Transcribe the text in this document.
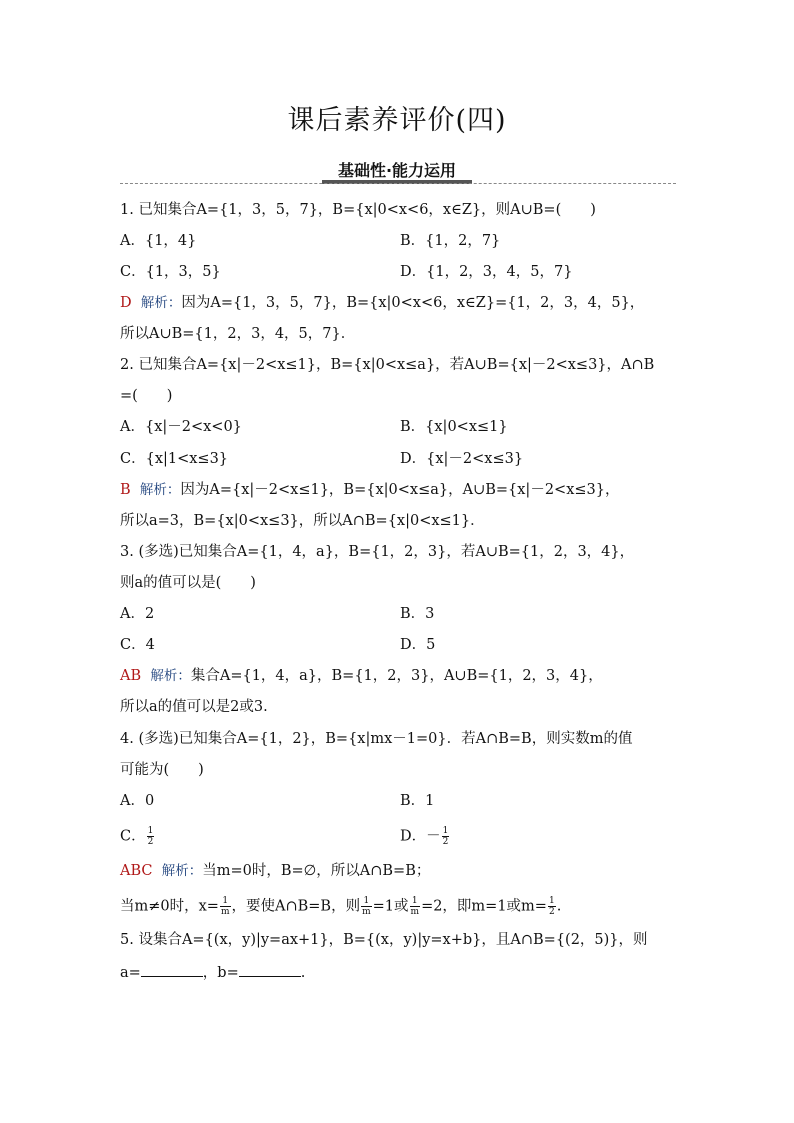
课后素养评价(四)
基础性·能力运用
1. 已知集合A={1，3，5，7}，B={x|0<x<6，x∈Z}，则A∪B=(　　)
A．{1，4}	B．{1，2，7}
C．{1，3，5}	D．{1，2，3，4，5，7}
D 解析：因为A={1，3，5，7}，B={x|0<x<6，x∈Z}={1，2，3，4，5}，
所以A∪B={1，2，3，4，5，7}．
2. 已知集合A={x|－2<x≤1}，B={x|0<x≤a}，若A∪B={x|－2<x≤3}，A∩B
=(　　)
A．{x|－2<x<0}	B．{x|0<x≤1}
C．{x|1<x≤3}	D．{x|－2<x≤3}
B 解析：因为A={x|－2<x≤1}，B={x|0<x≤a}，A∪B={x|－2<x≤3}，
所以a=3，B={x|0<x≤3}，所以A∩B={x|0<x≤1}．
3. (多选)已知集合A={1，4，a}，B={1，2，3}，若A∪B={1，2，3，4}，
则a的值可以是(　　)
A．2	B．3
C．4	D．5
AB 解析：集合A={1，4，a}，B={1，2，3}，A∪B={1，2，3，4}，
所以a的值可以是2或3.
4. (多选)已知集合A={1，2}，B={x|mx－1=0}．若A∩B=B，则实数m的值
可能为(　　)
A．0	B．1
C． $\frac{1}{2}$	D．－ $\frac{1}{2}$
ABC 解析：当m=0时，B=∅，所以A∩B=B；
当m≠0时，$x= \frac{1}{m}$ ，要使A∩B=B，则 $\frac{1}{m} =1$或 $\frac{1}{m} =2$，即m=1或$m= \frac{1}{2}$ .
5. 设集合A={(x，y)|y=ax+1}，B={(x，y)|y=x+b}，且A∩B={(2，5)}，则
a=	，b=	.
